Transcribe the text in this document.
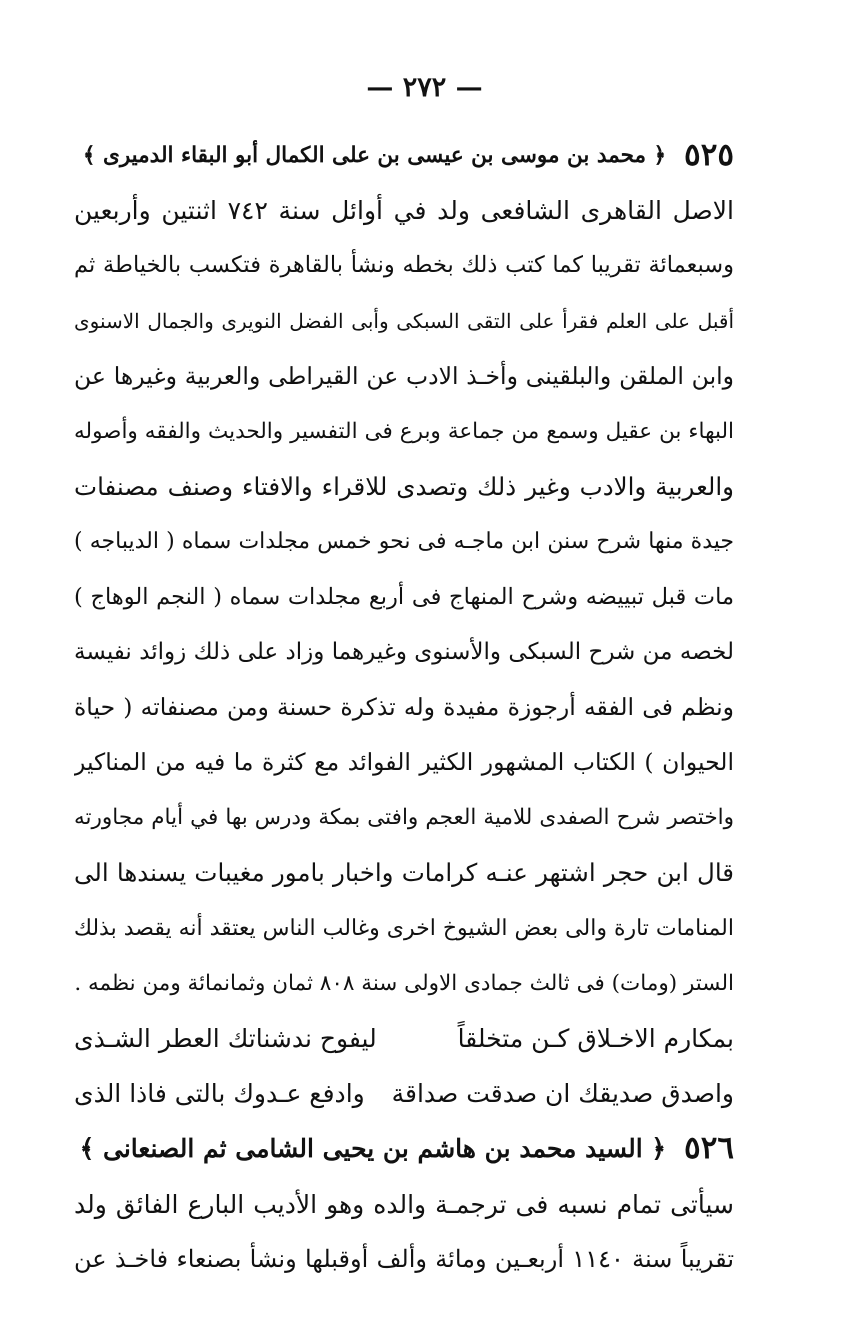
— ٢٧٢ —
٥٢٥
﴿ محمد بن موسى بن عيسى بن على الكمال أبو البقاء الدميرى ﴾
الاصل القاهرى الشافعى ولد في أوائل سنة ٧٤٢ اثنتين وأربعين
وسبعمائة تقريبا كما كتب ذلك بخطه ونشأ بالقاهرة فتكسب بالخياطة ثم
أقبل على العلم فقرأ على التقى السبكى وأبى الفضل النويرى والجمال الاسنوى
وابن الملقن والبلقينى وأخـذ الادب عن القيراطى والعربية وغيرها عن
البهاء بن عقيل وسمع من جماعة وبرع فى التفسير والحديث والفقه وأصوله
والعربية والادب وغير ذلك وتصدى للاقراء والافتاء وصنف مصنفات
جيدة منها شرح سنن ابن ماجـه فى نحو خمس مجلدات سماه ( الديباجه )
مات قبل تبييضه وشرح المنهاج فى أربع مجلدات سماه ( النجم الوهاج )
لخصه من شرح السبكى والأسنوى وغيرهما وزاد على ذلك زوائد نفيسة
ونظم فى الفقه أرجوزة مفيدة وله تذكرة حسنة ومن مصنفاته ( حياة
الحيوان ) الكتاب المشهور الكثير الفوائد مع كثرة ما فيه من المناكير
واختصر شرح الصفدى للامية العجم وافتى بمكة ودرس بها في أيام مجاورته
قال ابن حجر اشتهر عنـه كرامات واخبار بامور مغيبات يسندها الى
المنامات تارة والى بعض الشيوخ اخرى وغالب الناس يعتقد أنه يقصد بذلك
الستر (ومات) فى ثالث جمادى الاولى سنة ٨٠٨ ثمان وثمانمائة ومن نظمه .
بمكارم الاخـلاق كـن متخلقاً
ليفوح ندشناتك العطر الشـذى
واصدق صديقك ان صدقت صداقة
وادفع عـدوك بالتى فاذا الذى
٥٢٦
﴿ السيد محمد بن هاشم بن يحيى الشامى ثم الصنعانى ﴾
سيأتى تمام نسبه فى ترجمـة والده وهو الأديب البارع الفائق ولد
تقريباً سنة ١١٤٠ أربعـين ومائة وألف أوقبلها ونشأ بصنعاء فاخـذ عن
